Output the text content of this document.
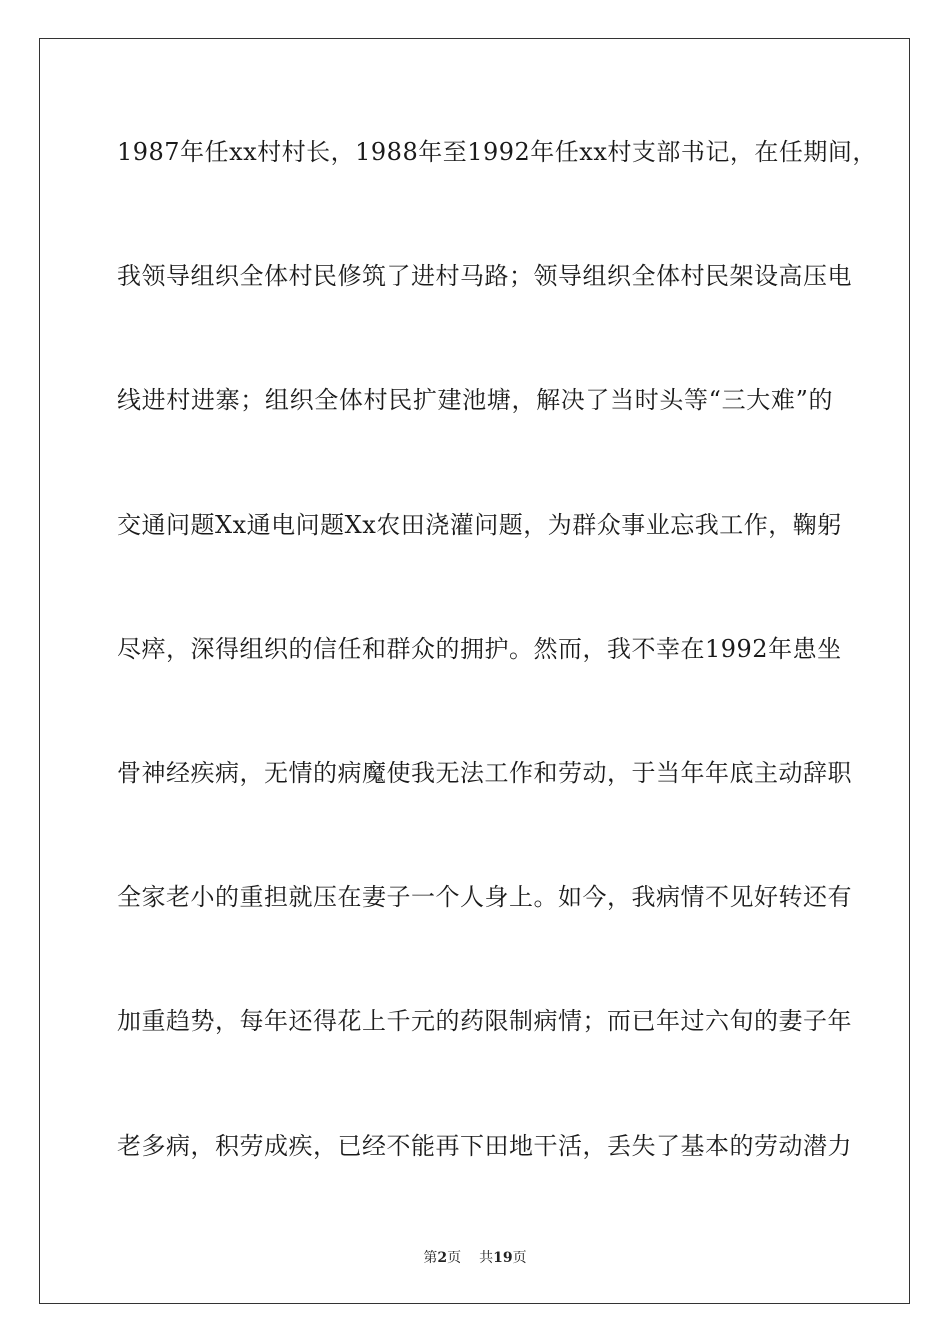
1987年任xx村村长，1988年至1992年任xx村支部书记，在任期间，
我领导组织全体村民修筑了进村马路；领导组织全体村民架设高压电
线进村进寨；组织全体村民扩建池塘，解决了当时头等“三大难”的
交通问题Xx通电问题Xx农田浇灌问题，为群众事业忘我工作，鞠躬
尽瘁，深得组织的信任和群众的拥护。然而，我不幸在1992年患坐
骨神经疾病，无情的病魔使我无法工作和劳动，于当年年底主动辞职
全家老小的重担就压在妻子一个人身上。如今，我病情不见好转还有
加重趋势，每年还得花上千元的药限制病情；而已年过六旬的妻子年
老多病，积劳成疾，已经不能再下田地干活，丢失了基本的劳动潜力
第2页 共19页
